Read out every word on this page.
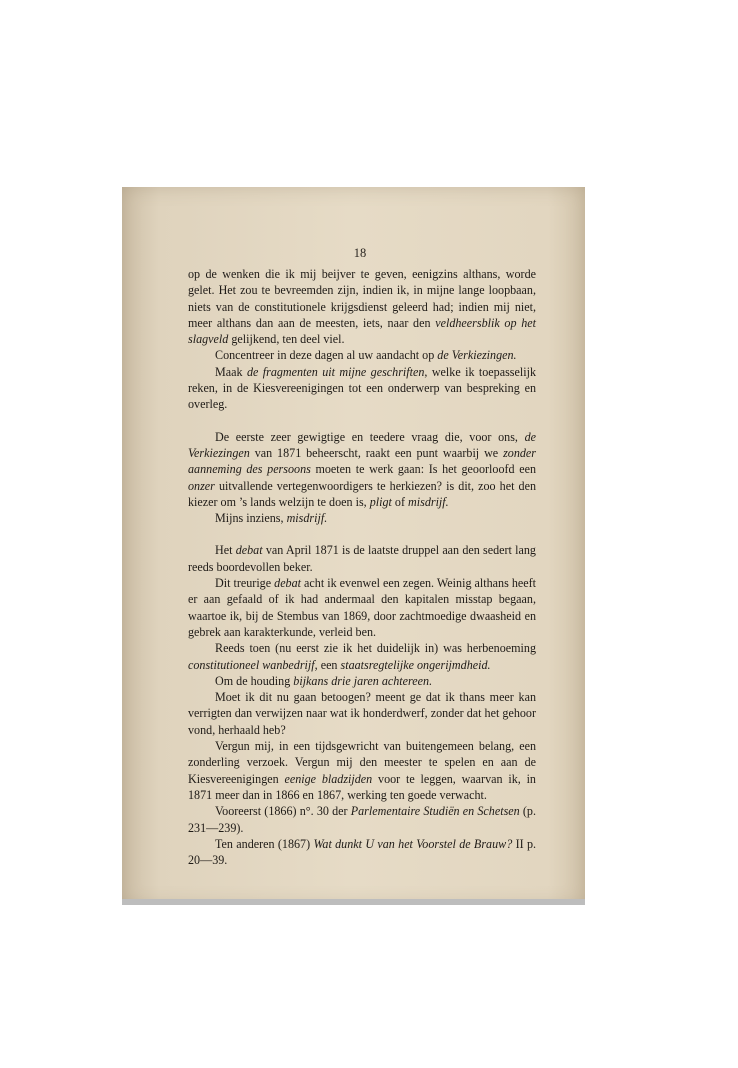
18

op de wenken die ik mij beijver te geven, eenigzins althans, worde gelet. Het zou te bevreemden zijn, indien ik, in mijne lange loopbaan, niets van de constitutionele krijgsdienst geleerd had; indien mij niet, meer althans dan aan de meesten, iets, naar den veldheersblik op het slagveld gelijkend, ten deel viel.

Concentreer in deze dagen al uw aandacht op de Verkiezingen.

Maak de fragmenten uit mijne geschriften, welke ik toepasselijk reken, in de Kiesvereenigingen tot een onderwerp van bespreking en overleg.

De eerste zeer gewigtige en teedere vraag die, voor ons, de Verkiezingen van 1871 beheerscht, raakt een punt waarbij we zonder aanneming des persoons moeten te werk gaan: Is het geoorloofd een onzer uitvallende vertegenwoordigers te herkiezen? is dit, zoo het den kiezer om ’s lands welzijn te doen is, pligt of misdrijf.

Mijns inziens, misdrijf.

Het debat van April 1871 is de laatste druppel aan den sedert lang reeds boordevollen beker.

Dit treurige debat acht ik evenwel een zegen. Weinig althans heeft er aan gefaald of ik had andermaal den kapitalen misstap begaan, waartoe ik, bij de Stembus van 1869, door zachtmoedige dwaasheid en gebrek aan karakterkunde, verleid ben.

Reeds toen (nu eerst zie ik het duidelijk in) was herbenoeming constitutioneel wanbedrijf, een staatsregtelijke ongerijmdheid.

Om de houding bijkans drie jaren achtereen.

Moet ik dit nu gaan betoogen? meent ge dat ik thans meer kan verrigten dan verwijzen naar wat ik honderdwerf, zonder dat het gehoor vond, herhaald heb?

Vergun mij, in een tijdsgewricht van buitengemeen belang, een zonderling verzoek. Vergun mij den meester te spelen en aan de Kiesvereenigingen eenige bladzijden voor te leggen, waarvan ik, in 1871 meer dan in 1866 en 1867, werking ten goede verwacht.

Vooreerst (1866) n°. 30 der Parlementaire Studiën en Schetsen (p. 231—239).

Ten anderen (1867) Wat dunkt U van het Voorstel de Brauw? II p. 20—39.
